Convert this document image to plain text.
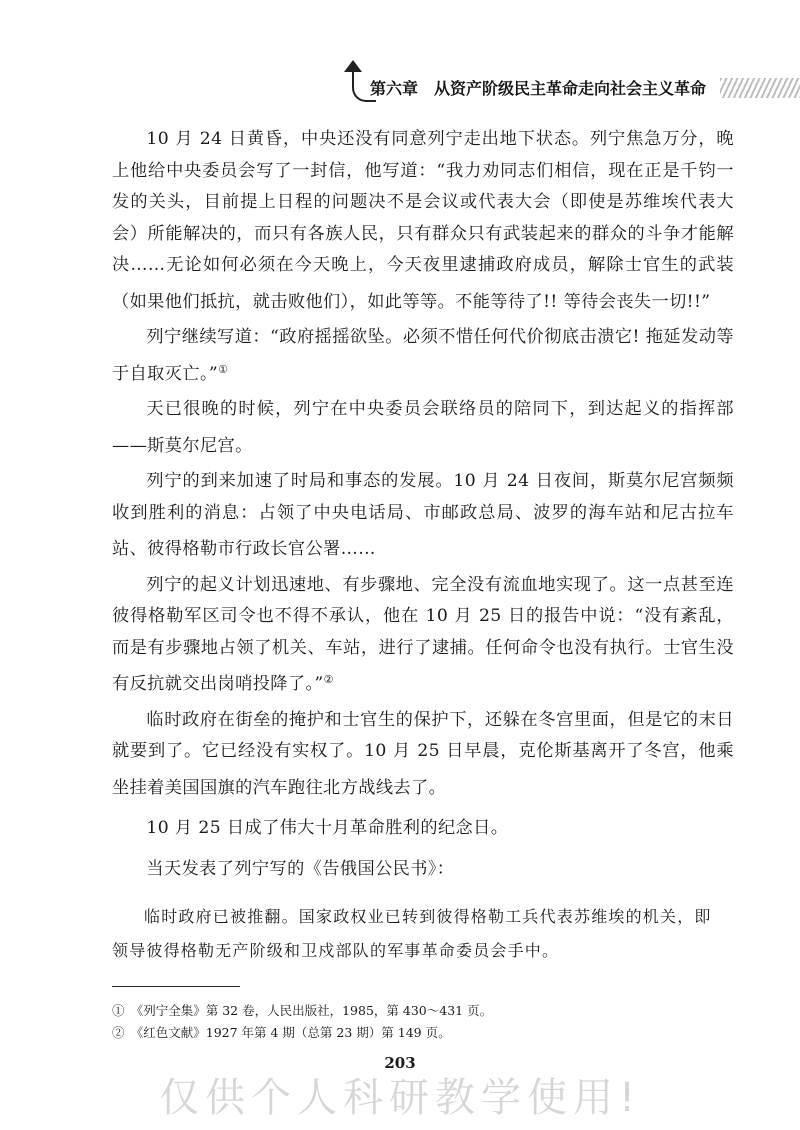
第六章　从资产阶级民主革命走向社会主义革命

10 月 24 日黄昏，中央还没有同意列宁走出地下状态。列宁焦急万分，晚上他给中央委员会写了一封信，他写道：“我力劝同志们相信，现在正是千钧一发的关头，目前提上日程的问题决不是会议或代表大会（即使是苏维埃代表大会）所能解决的，而只有各族人民，只有群众只有武装起来的群众的斗争才能解决……无论如何必须在今天晚上，今天夜里逮捕政府成员，解除士官生的武装（如果他们抵抗，就击败他们），如此等等。不能等待了!! 等待会丧失一切!!”

列宁继续写道：“政府摇摇欲坠。必须不惜任何代价彻底击溃它! 拖延发动等于自取灭亡。”①

天已很晚的时候，列宁在中央委员会联络员的陪同下，到达起义的指挥部——斯莫尔尼宫。

列宁的到来加速了时局和事态的发展。10 月 24 日夜间，斯莫尔尼宫频频收到胜利的消息：占领了中央电话局、市邮政总局、波罗的海车站和尼古拉车站、彼得格勒市行政长官公署……

列宁的起义计划迅速地、有步骤地、完全没有流血地实现了。这一点甚至连彼得格勒军区司令也不得不承认，他在 10 月 25 日的报告中说：“没有紊乱，而是有步骤地占领了机关、车站，进行了逮捕。任何命令也没有执行。士官生没有反抗就交出岗哨投降了。”②

临时政府在街垒的掩护和士官生的保护下，还躲在冬宫里面，但是它的末日就要到了。它已经没有实权了。10 月 25 日早晨，克伦斯基离开了冬宫，他乘坐挂着美国国旗的汽车跑往北方战线去了。

10 月 25 日成了伟大十月革命胜利的纪念日。

当天发表了列宁写的《告俄国公民书》：

临时政府已被推翻。国家政权业已转到彼得格勒工兵代表苏维埃的机关，即领导彼得格勒无产阶级和卫戍部队的军事革命委员会手中。

①　《列宁全集》第 32 卷，人民出版社，1985，第 430～431 页。

②　《红色文献》1927 年第 4 期（总第 23 期）第 149 页。

203
仅供个人科研教学使用!
